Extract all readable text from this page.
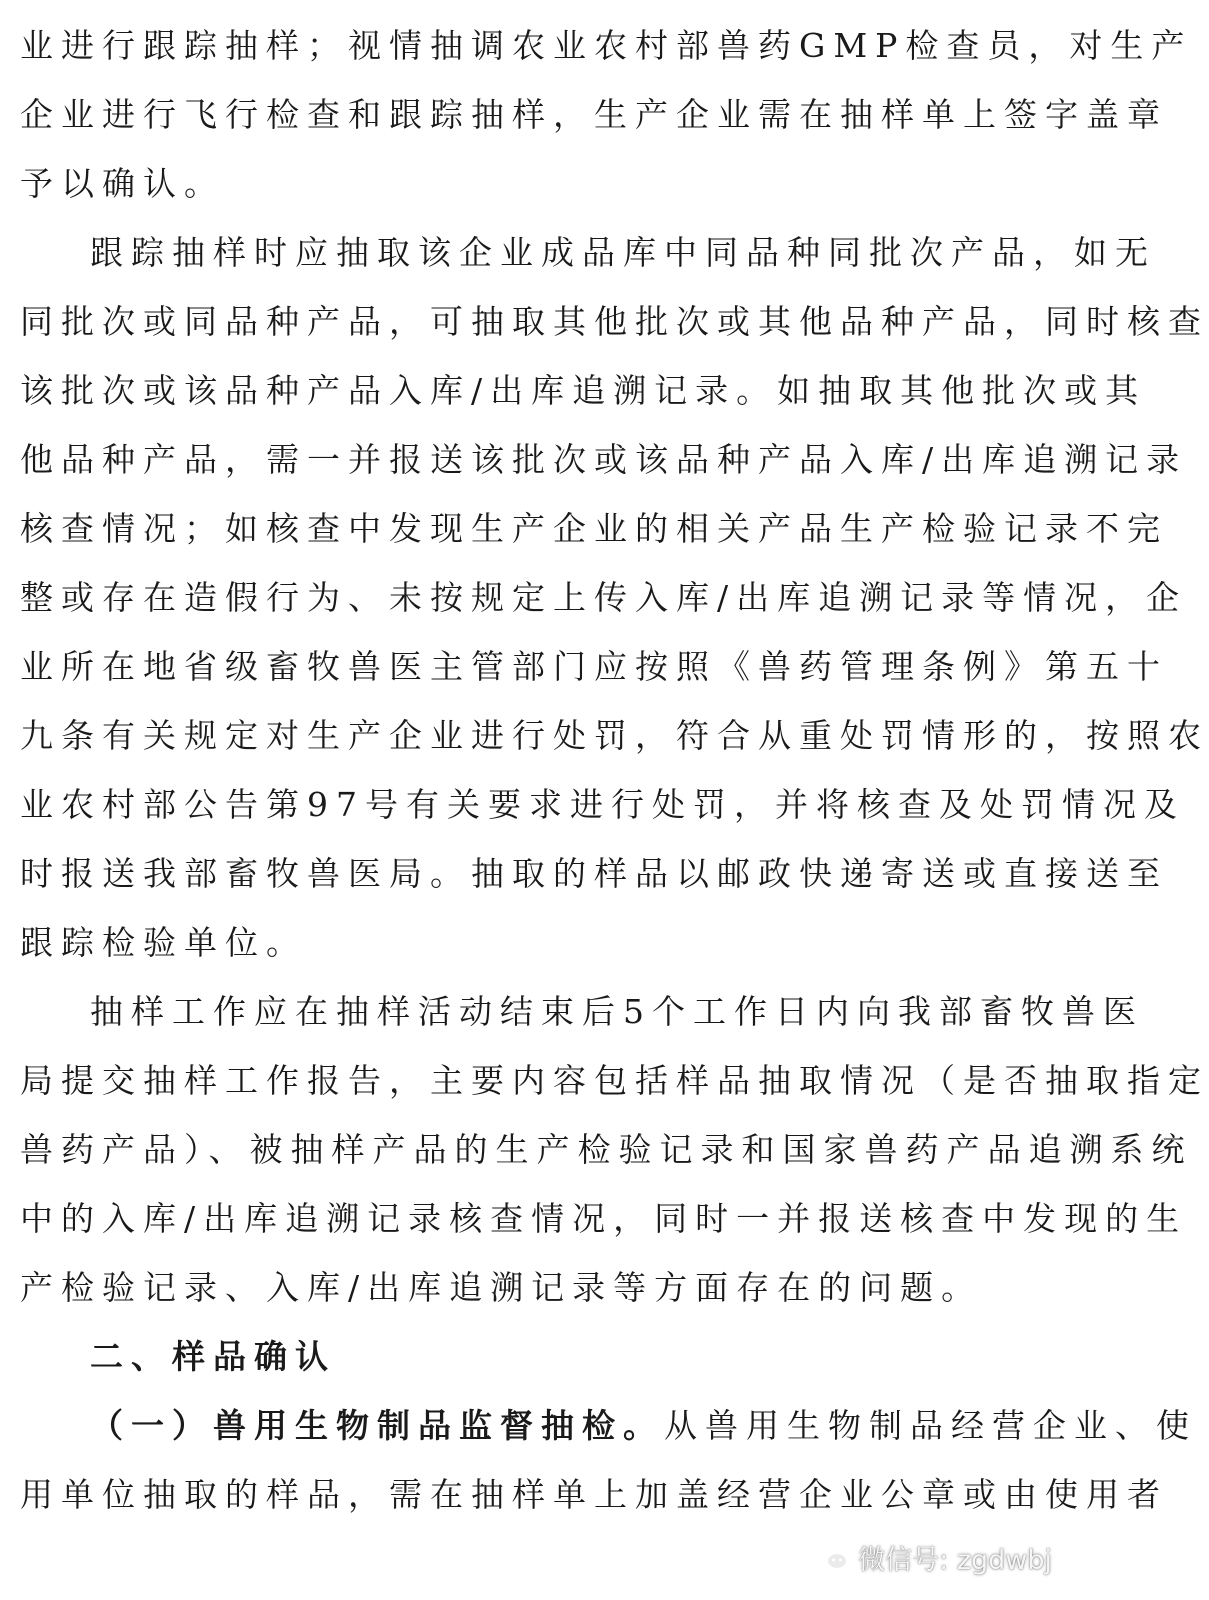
业进行跟踪抽样；视情抽调农业农村部兽药GMP检查员，对生产
企业进行飞行检查和跟踪抽样，生产企业需在抽样单上签字盖章
予以确认。
跟踪抽样时应抽取该企业成品库中同品种同批次产品，如无
同批次或同品种产品，可抽取其他批次或其他品种产品，同时核查
该批次或该品种产品入库/出库追溯记录。如抽取其他批次或其
他品种产品，需一并报送该批次或该品种产品入库/出库追溯记录
核查情况；如核查中发现生产企业的相关产品生产检验记录不完
整或存在造假行为、未按规定上传入库/出库追溯记录等情况，企
业所在地省级畜牧兽医主管部门应按照《兽药管理条例》第五十
九条有关规定对生产企业进行处罚，符合从重处罚情形的，按照农
业农村部公告第97号有关要求进行处罚，并将核查及处罚情况及
时报送我部畜牧兽医局。抽取的样品以邮政快递寄送或直接送至
跟踪检验单位。
抽样工作应在抽样活动结束后5个工作日内向我部畜牧兽医
局提交抽样工作报告，主要内容包括样品抽取情况（是否抽取指定
兽药产品）、被抽样产品的生产检验记录和国家兽药产品追溯系统
中的入库/出库追溯记录核查情况，同时一并报送核查中发现的生
产检验记录、入库/出库追溯记录等方面存在的问题。
二、样品确认
（一）兽用生物制品监督抽检。从兽用生物制品经营企业、使
用单位抽取的样品，需在抽样单上加盖经营企业公章或由使用者
微信号: zgdwbj
